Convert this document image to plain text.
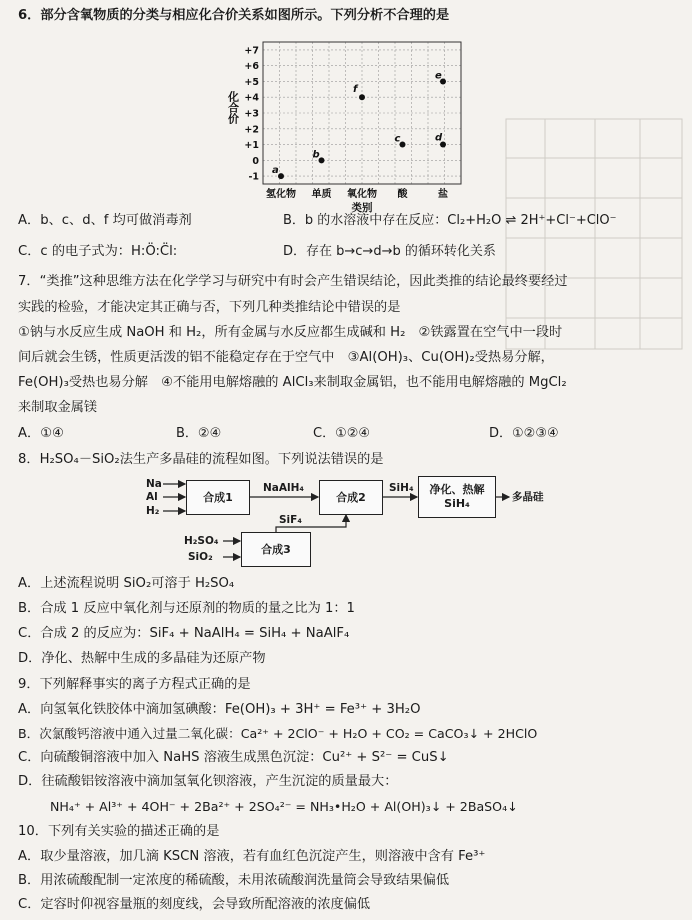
6．部分含氧物质的分类与相应化合价关系如图所示。下列分析不合理的是
-1
0
+1
+2
+3
+4
+5
+6
+7
化合价
氢化物 单质 氧化物 酸	盐
类别
a
b
f
c
e
d
A．b、c、d、f 均可做消毒剂	B．b 的水溶液中存在反应：Cl₂+H₂O ⇌ 2H⁺+Cl⁻+ClO⁻
C．c 的电子式为：H:Ö:C̈l:	D．存在 b→c→d→b 的循环转化关系
7．“类推”这种思维方法在化学学习与研究中有时会产生错误结论，因此类推的结论最终要经过
实践的检验，才能决定其正确与否，下列几种类推结论中错误的是
①钠与水反应生成 NaOH 和 H₂，所有金属与水反应都生成碱和 H₂　②铁露置在空气中一段时
间后就会生锈，性质更活泼的铝不能稳定存在于空气中　③Al(OH)₃、Cu(OH)₂受热易分解，
Fe(OH)₃受热也易分解　④不能用电解熔融的 AlCl₃来制取金属铝，也不能用电解熔融的 MgCl₂
来制取金属镁
A．①④	B．②④	C．①②④	D．①②③④
8．H₂SO₄－SiO₂法生产多晶硅的流程如图。下列说法错误的是
Na
Al
H₂
合成1
NaAlH₄
合成2
SiH₄ 净化、热解
SiH₄	多晶硅
SiF₄
H₂SO₄
SiO₂
合成3
A．上述流程说明 SiO₂可溶于 H₂SO₄
B．合成 1 反应中氧化剂与还原剂的物质的量之比为 1：1
C．合成 2 的反应为：SiF₄ + NaAlH₄ = SiH₄ + NaAlF₄
D．净化、热解中生成的多晶硅为还原产物
9．下列解释事实的离子方程式正确的是
A．向氢氧化铁胶体中滴加氢碘酸：Fe(OH)₃ + 3H⁺ = Fe³⁺ + 3H₂O
B．次氯酸钙溶液中通入过量二氧化碳：Ca²⁺ + 2ClO⁻ + H₂O + CO₂ = CaCO₃↓ + 2HClO
C．向硫酸铜溶液中加入 NaHS 溶液生成黑色沉淀：Cu²⁺ + S²⁻ = CuS↓
D．往硫酸铝铵溶液中滴加氢氧化钡溶液，产生沉淀的质量最大：
NH₄⁺ + Al³⁺ + 4OH⁻ + 2Ba²⁺ + 2SO₄²⁻ = NH₃•H₂O + Al(OH)₃↓ + 2BaSO₄↓
10．下列有关实验的描述正确的是
A．取少量溶液，加几滴 KSCN 溶液，若有血红色沉淀产生，则溶液中含有 Fe³⁺
B．用浓硫酸配制一定浓度的稀硫酸，未用浓硫酸润洗量筒会导致结果偏低
C．定容时仰视容量瓶的刻度线，会导致所配溶液的浓度偏低
